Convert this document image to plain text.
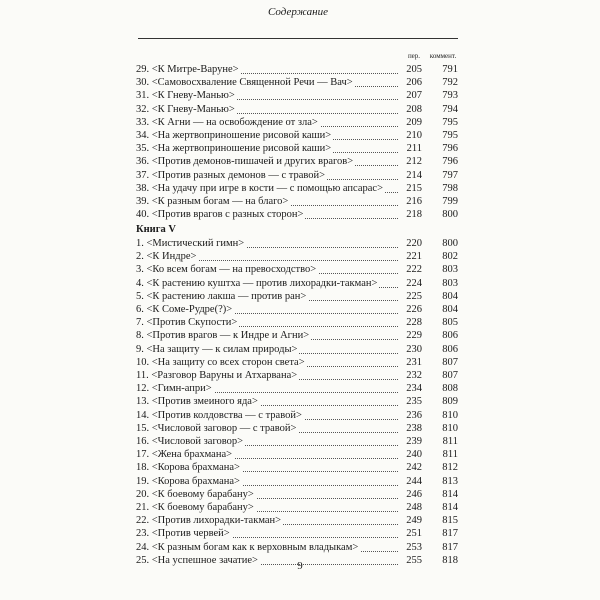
Содержание
пер.	коммент.
29. <К Митре-Варуне>	205	791
30. <Самовосхваление Священной Речи — Вач>	206	792
31. <К Гневу-Манью>	207	793
32. <К Гневу-Манью>	208	794
33. <К Агни — на освобождение от зла>	209	795
34. <На жертвоприношение рисовой каши>	210	795
35. <На жертвоприношение рисовой каши>	211	796
36. <Против демонов-пишачей и других врагов>	212	796
37. <Против разных демонов — с травой>	214	797
38. <На удачу при игре в кости — с помощью апсарас>	215	798
39. <К разным богам — на благо>	216	799
40. <Против врагов с разных сторон>	218	800
1. <Мистический гимн>	220	800
2. <К Индре>	221	802
3. <Ко всем богам — на превосходство>	222	803
4. <К растению куштха — против лихорадки-такман>	224	803
5. <К растению лакша — против ран>	225	804
6. <К Соме-Рудре(?)>	226	804
7. <Против Скупости>	228	805
8. <Против врагов — к Индре и Агни>	229	806
9. <На защиту — к силам природы>	230	806
10. <На защиту со всех сторон света>	231	807
11. <Разговор Варуны и Атхарвана>	232	807
12. <Гимн-апри>	234	808
13. <Против змеиного яда>	235	809
14. <Против колдовства — с травой>	236	810
15. <Числовой заговор — с травой>	238	810
16. <Числовой заговор>	239	811
17. <Жена брахмана>	240	811
18. <Корова брахмана>	242	812
19. <Корова брахмана>	244	813
20. <К боевому барабану>	246	814
21. <К боевому барабану>	248	814
22. <Против лихорадки-такман>	249	815
23. <Против червей>	251	817
24. <К разным богам как к верховным владыкам>	253	817
25. <На успешное зачатие>	255	818
Книга V
9
